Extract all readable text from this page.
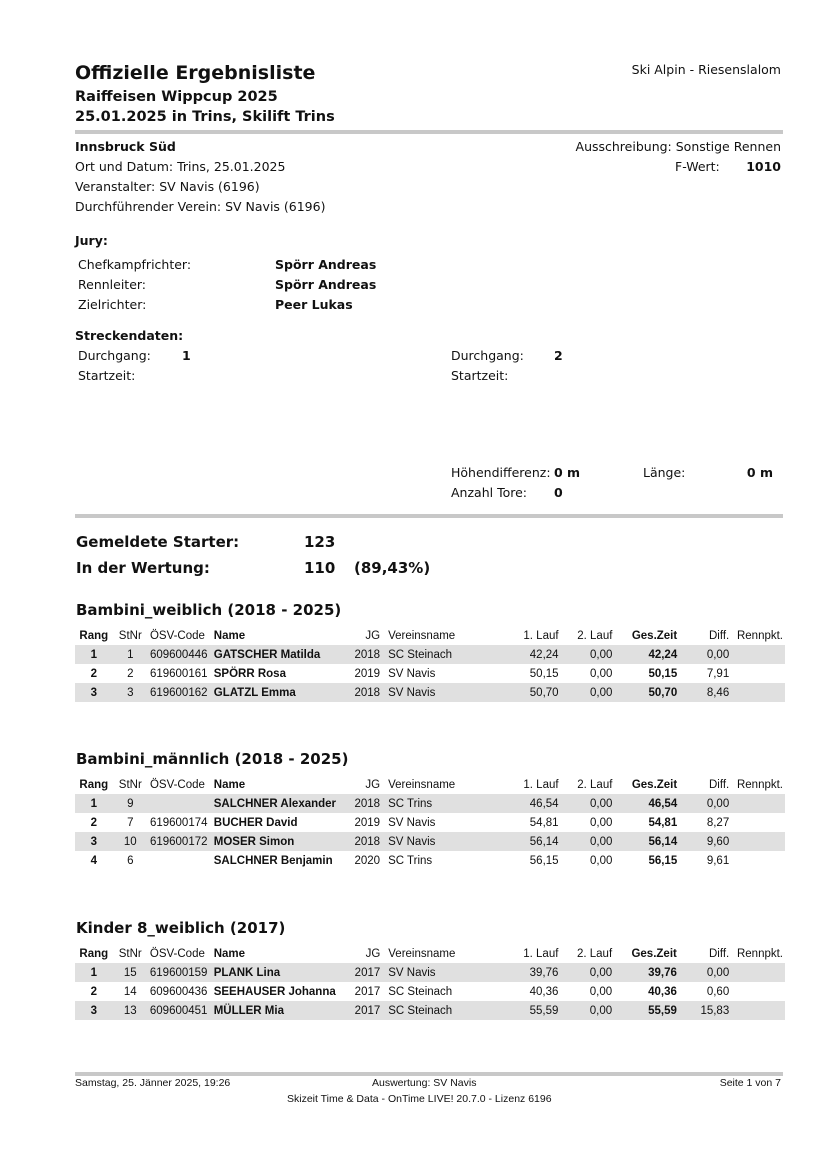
Offizielle Ergebnisliste
Raiffeisen Wippcup 2025
25.01.2025 in Trins, Skilift Trins
Ski Alpin - Riesenslalom
Innsbruck Süd
Ort und Datum: Trins, 25.01.2025
Veranstalter: SV Navis (6196)
Durchführender Verein: SV Navis (6196)
Ausschreibung: Sonstige Rennen
F-Wert: 1010
Jury:
Chefkampfrichter:	Spörr Andreas
Rennleiter:	Spörr Andreas
Zielrichter:	Peer Lukas
Streckendaten:
Durchgang: 1
Startzeit:
Durchgang: 2
Startzeit:
Höhendifferenz: 0 m	Länge:	0 m
Anzahl Tore: 0
Gemeldete Starter:	123
In der Wertung:	110 (89,43%)
Bambini_weiblich (2018 - 2025)
Rang	StNr	ÖSV-Code	Name	JG	Vereinsname	1. Lauf	2. Lauf	Ges.Zeit	Diff.	Rennpkt.
1	1	609600446	GATSCHER Matilda	2018	SC Steinach	42,24	0,00	42,24	0,00	
2	2	619600161	SPÖRR Rosa	2019	SV Navis	50,15	0,00	50,15	7,91	
3	3	619600162	GLATZL Emma	2018	SV Navis	50,70	0,00	50,70	8,46	
Bambini_männlich (2018 - 2025)
Rang	StNr	ÖSV-Code	Name	JG	Vereinsname	1. Lauf	2. Lauf	Ges.Zeit	Diff.	Rennpkt.
1	9		SALCHNER Alexander	2018	SC Trins	46,54	0,00	46,54	0,00	
2	7	619600174	BUCHER David	2019	SV Navis	54,81	0,00	54,81	8,27	
3	10	619600172	MOSER Simon	2018	SV Navis	56,14	0,00	56,14	9,60	
4	6		SALCHNER Benjamin	2020	SC Trins	56,15	0,00	56,15	9,61	
Kinder 8_weiblich (2017)
Rang	StNr	ÖSV-Code	Name	JG	Vereinsname	1. Lauf	2. Lauf	Ges.Zeit	Diff.	Rennpkt.
1	15	619600159	PLANK Lina	2017	SV Navis	39,76	0,00	39,76	0,00	
2	14	609600436	SEEHAUSER Johanna	2017	SC Steinach	40,36	0,00	40,36	0,60	
3	13	609600451	MÜLLER Mia	2017	SC Steinach	55,59	0,00	55,59	15,83	
Samstag, 25. Jänner 2025, 19:26	Auswertung: SV Navis	Seite 1 von 7
Skizeit Time & Data - OnTime LIVE! 20.7.0 - Lizenz 6196
